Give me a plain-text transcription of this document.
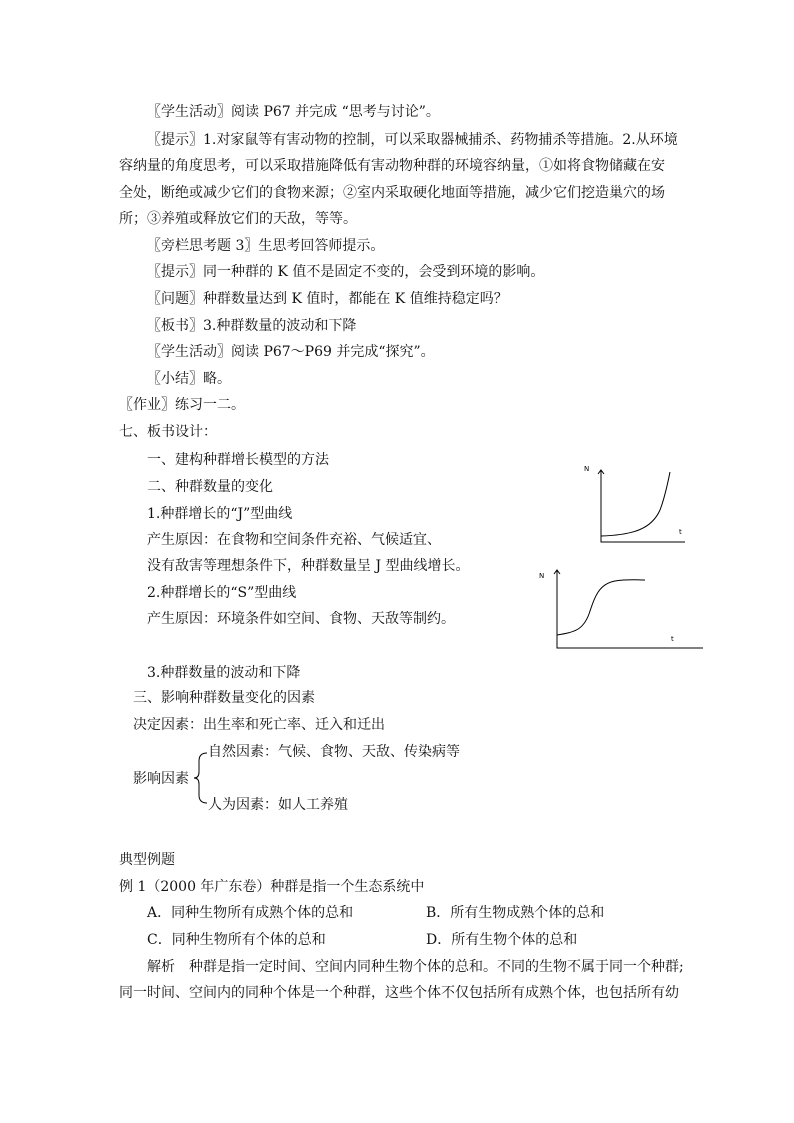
〖学生活动〗阅读 P67 并完成 “思考与讨论”。
〖提示〗1.对家鼠等有害动物的控制，可以采取器械捕杀、药物捕杀等措施。2.从环境
容纳量的角度思考，可以采取措施降低有害动物种群的环境容纳量，①如将食物储藏在安
全处，断绝或减少它们的食物来源；②室内采取硬化地面等措施，减少它们挖造巢穴的场
所；③养殖或释放它们的天敌，等等。
〖旁栏思考题 3〗生思考回答师提示。
〖提示〗同一种群的 K 值不是固定不变的，会受到环境的影响。
〖问题〗种群数量达到 K 值时，都能在 K 值维持稳定吗？
〖板书〗3.种群数量的波动和下降
〖学生活动〗阅读 P67～P69 并完成“探究”。
〖小结〗略。
〖作业〗练习一二。
七、板书设计：
一、建构种群增长模型的方法
二、种群数量的变化
1.种群增长的“J”型曲线
产生原因：在食物和空间条件充裕、气候适宜、
没有敌害等理想条件下，种群数量呈 J 型曲线增长。
2.种群增长的“S”型曲线
产生原因：环境条件如空间、食物、天敌等制约。
3.种群数量的波动和下降
三、影响种群数量变化的因素
决定因素：出生率和死亡率、迁入和迁出
自然因素：气候、食物、天敌、传染病等
影响因素
人为因素：如人工养殖
典型例题
例 1（2000 年广东卷）种群是指一个生态系统中
A．同种生物所有成熟个体的总和	B．所有生物成熟个体的总和
C．同种生物所有个体的总和	D．所有生物个体的总和
解析　种群是指一定时间、空间内同种生物个体的总和。不同的生物不属于同一个种群;
同一时间、空间内的同种个体是一个种群，这些个体不仅包括所有成熟个体，也包括所有幼
N
t
N
t
